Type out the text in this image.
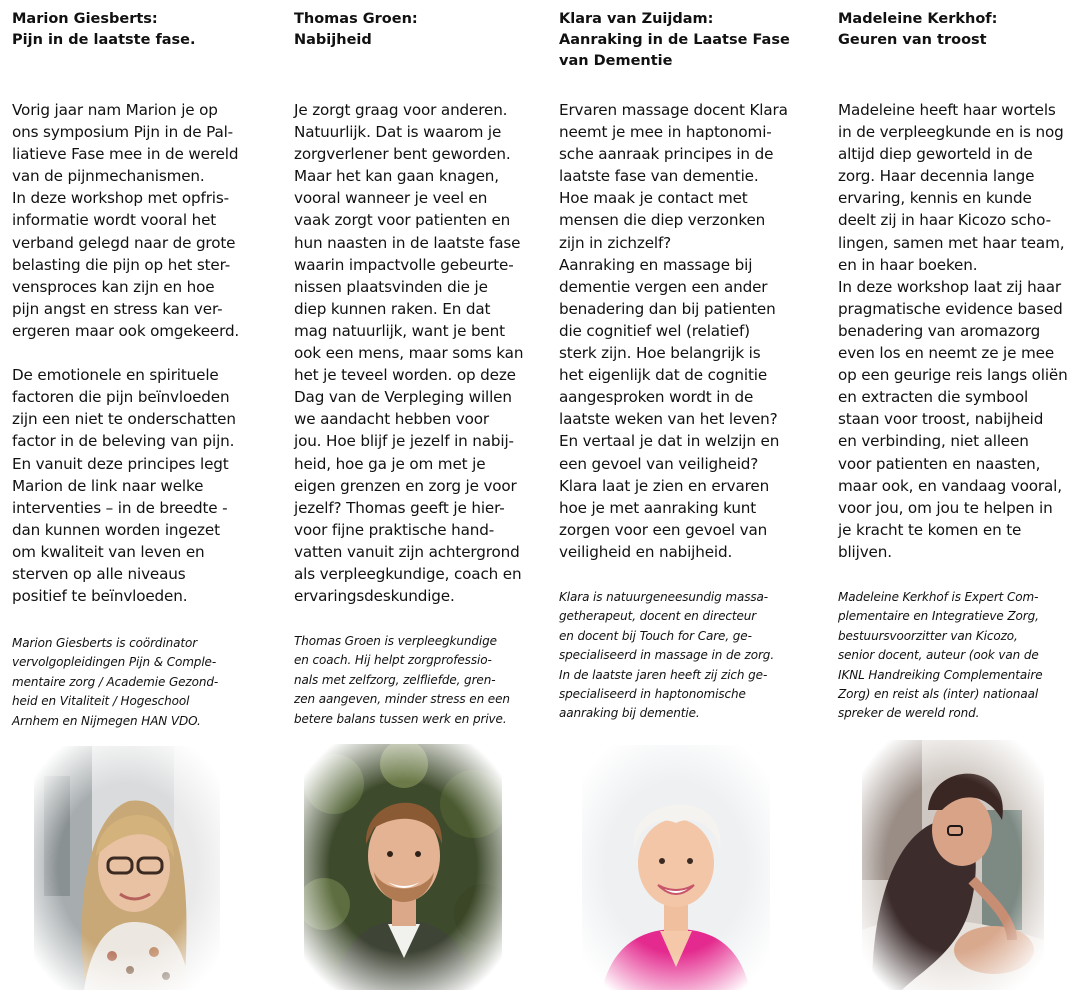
Marion Giesberts:
Pijn in de laatste fase.
Vorig jaar nam Marion je op
ons symposium Pijn in de Pal-
liatieve Fase mee in de wereld
van de pijnmechanismen.
In deze workshop met opfris-
informatie wordt vooral het
verband gelegd naar de grote
belasting die pijn op het ster-
vensproces kan zijn en hoe
pijn angst en stress kan ver-
ergeren maar ook omgekeerd.
De emotionele en spirituele
factoren die pijn beïnvloeden
zijn een niet te onderschatten
factor in de beleving van pijn.
En vanuit deze principes legt
Marion de link naar welke
interventies – in de breedte -
dan kunnen worden ingezet
om kwaliteit van leven en
sterven op alle niveaus
positief te beïnvloeden.
Marion Giesberts is coördinator
vervolgopleidingen Pijn & Comple-
mentaire zorg / Academie Gezond-
heid en Vitaliteit / Hogeschool
Arnhem en Nijmegen HAN VDO.
Thomas Groen:
Nabijheid
Je zorgt graag voor anderen.
Natuurlijk. Dat is waarom je
zorgverlener bent geworden.
Maar het kan gaan knagen,
vooral wanneer je veel en
vaak zorgt voor patienten en
hun naasten in de laatste fase
waarin impactvolle gebeurte-
nissen plaatsvinden die je
diep kunnen raken. En dat
mag natuurlijk, want je bent
ook een mens, maar soms kan
het je teveel worden. op deze
Dag van de Verpleging willen
we aandacht hebben voor
jou. Hoe blijf je jezelf in nabij-
heid, hoe ga je om met je
eigen grenzen en zorg je voor
jezelf? Thomas geeft je hier-
voor fijne praktische hand-
vatten vanuit zijn achtergrond
als verpleegkundige, coach en
ervaringsdeskundige.
Thomas Groen is verpleegkundige
en coach. Hij helpt zorgprofessio-
nals met zelfzorg, zelfliefde, gren-
zen aangeven, minder stress en een
betere balans tussen werk en prive.
Klara van Zuijdam:
Aanraking in de Laatse Fase
van Dementie
Ervaren massage docent Klara
neemt je mee in haptonomi-
sche aanraak principes in de
laatste fase van dementie.
Hoe maak je contact met
mensen die diep verzonken
zijn in zichzelf?
Aanraking en massage bij
dementie vergen een ander
benadering dan bij patienten
die cognitief wel (relatief)
sterk zijn. Hoe belangrijk is
het eigenlijk dat de cognitie
aangesproken wordt in de
laatste weken van het leven?
En vertaal je dat in welzijn en
een gevoel van veiligheid?
Klara laat je zien en ervaren
hoe je met aanraking kunt
zorgen voor een gevoel van
veiligheid en nabijheid.
Klara is natuurgeneesundig massa-
getherapeut, docent en directeur
en docent bij Touch for Care, ge-
specialiseerd in massage in de zorg.
In de laatste jaren heeft zij zich ge-
specialiseerd in haptonomische
aanraking bij dementie.
Madeleine Kerkhof:
Geuren van troost
Madeleine heeft haar wortels
in de verpleegkunde en is nog
altijd diep geworteld in de
zorg. Haar decennia lange
ervaring, kennis en kunde
deelt zij in haar Kicozo scho-
lingen, samen met haar team,
en in haar boeken.
In deze workshop laat zij haar
pragmatische evidence based
benadering van aromazorg
even los en neemt ze je mee
op een geurige reis langs oliën
en extracten die symbool
staan voor troost, nabijheid
en verbinding, niet alleen
voor patienten en naasten,
maar ook, en vandaag vooral,
voor jou, om jou te helpen in
je kracht te komen en te
blijven.
Madeleine Kerkhof is Expert Com-
plementaire en Integratieve Zorg,
bestuursvoorzitter van Kicozo,
senior docent, auteur (ook van de
IKNL Handreiking Complementaire
Zorg) en reist als (inter) nationaal
spreker de wereld rond.
